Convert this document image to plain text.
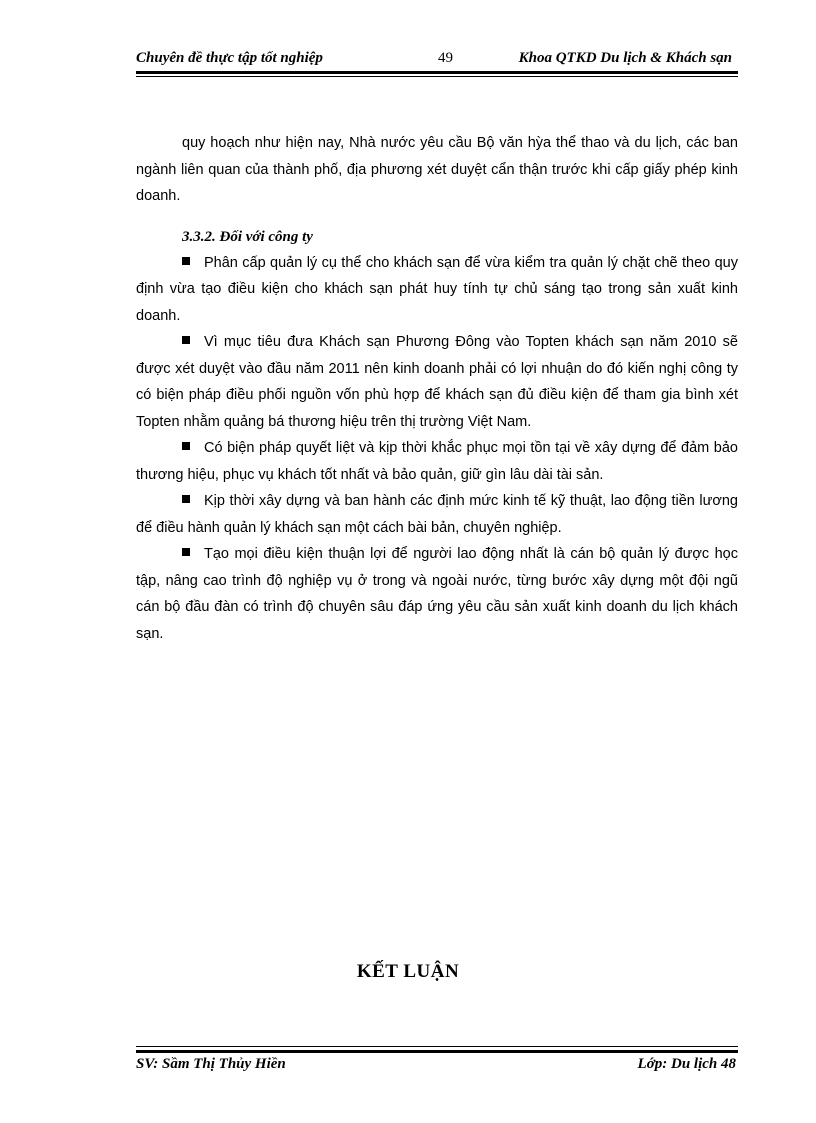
Chuyên đề thực tập tốt nghiệp	49	Khoa QTKD Du lịch & Khách sạn

quy hoạch như hiện nay, Nhà nước yêu cầu Bộ văn hỳa thể thao và du lịch, các ban ngành liên quan của thành phố, địa phương xét duyệt cẩn thận trước khi cấp giấy phép kinh doanh.

3.3.2. Đối với công ty

Phân cấp quản lý cụ thể cho khách sạn để vừa kiểm tra quản lý chặt chẽ theo quy định vừa tạo điều kiện cho khách sạn phát huy tính tự chủ sáng tạo trong sản xuất kinh doanh.

Vì mục tiêu đưa Khách sạn Phương Đông vào Topten khách sạn năm 2010 sẽ được xét duyệt vào đầu năm 2011 nên kinh doanh phải có lợi nhuận do đó kiến nghị công ty có biện pháp điều phối nguồn vốn phù hợp để khách sạn đủ điều kiện để tham gia bình xét Topten nhằm quảng bá thương hiệu trên thị trường Việt Nam.

Có biện pháp quyết liệt và kịp thời khắc phục mọi tồn tại về xây dựng để đảm bảo thương hiệu, phục vụ khách tốt nhất và bảo quản, giữ gìn lâu dài tài sản.

Kịp thời xây dựng và ban hành các định mức kinh tế kỹ thuật, lao động tiền lương để điều hành quản lý khách sạn một cách bài bản, chuyên nghiệp.

Tạo mọi điều kiện thuận lợi để người lao động nhất là cán bộ quản lý được học tập, nâng cao trình độ nghiệp vụ ở trong và ngoài nước, từng bước xây dựng một đội ngũ cán bộ đầu đàn có trình độ chuyên sâu đáp ứng yêu cầu sản xuất kinh doanh du lịch khách sạn.

KẾT LUẬN
SV: Sầm Thị Thủy Hiền	Lớp: Du lịch 48
